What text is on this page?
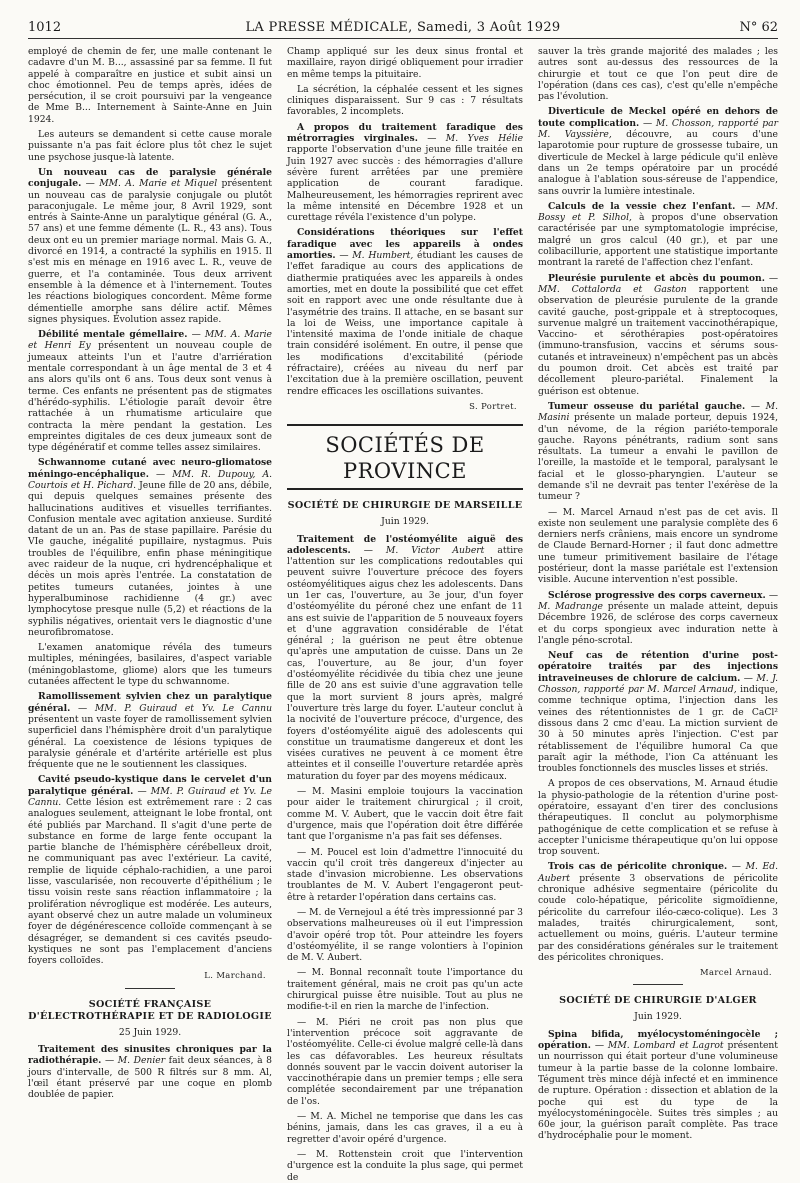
1012	LA PRESSE MÉDICALE, Samedi, 3 Août 1929	N° 62

employé de chemin de fer, une malle contenant le cadavre d'un M. B..., assassiné par sa femme. Il fut appelé à comparaître en justice et subit ainsi un choc émotionnel. Peu de temps après, idées de persécution, il se croit poursuivi par la vengeance de Mme B... Internement à Sainte-Anne en Juin 1924.

Les auteurs se demandent si cette cause morale puissante n'a pas fait éclore plus tôt chez le sujet une psychose jusque-là latente.

Un nouveau cas de paralysie générale conjugale. — MM. A. Marie et Miquel présentent un nouveau cas de paralysie conjugale ou plutôt paraconjugale. Le même jour, 8 Avril 1929, sont entrés à Sainte-Anne un paralytique général (G. A., 57 ans) et une femme démente (L. R., 43 ans). Tous deux ont eu un premier mariage normal. Mais G. A., divorcé en 1914, a contracté la syphilis en 1915. Il s'est mis en ménage en 1916 avec L. R., veuve de guerre, et l'a contaminée. Tous deux arrivent ensemble à la démence et à l'internement. Toutes les réactions biologiques concordent. Même forme démentielle amorphe sans délire actif. Mêmes signes physiques. Évolution assez rapide.

Débilité mentale gémellaire. — MM. A. Marie et Henri Ey présentent un nouveau couple de jumeaux atteints l'un et l'autre d'arriération mentale correspondant à un âge mental de 3 et 4 ans alors qu'ils ont 6 ans. Tous deux sont venus à terme. Ces enfants ne présentent pas de stigmates d'hérédo-syphilis. L'étiologie paraît devoir être rattachée à un rhumatisme articulaire que contracta la mère pendant la gestation. Les empreintes digitales de ces deux jumeaux sont de type dégénératif et comme telles assez similaires.

Schwannome cutané avec neuro-gliomatose méningo-encéphalique. — MM. R. Dupouy, A. Courtois et H. Pichard. Jeune fille de 20 ans, débile, qui depuis quelques semaines présente des hallucinations auditives et visuelles terrifiantes. Confusion mentale avec agitation anxieuse. Surdité datant de un an. Pas de stase papillaire. Parésie du VIe gauche, inégalité pupillaire, nystagmus. Puis troubles de l'équilibre, enfin phase méningitique avec raideur de la nuque, cri hydrencéphalique et décès un mois après l'entrée. La constatation de petites tumeurs cutanées, jointes à une hyperalbuminose rachidienne (4 gr.) avec lymphocytose presque nulle (5,2) et réactions de la syphilis négatives, orientait vers le diagnostic d'une neurofibromatose.

L'examen anatomique révéla des tumeurs multiples, méningées, basilaires, d'aspect variable (méningoblastome, gliome) alors que les tumeurs cutanées affectent le type du schwannome.

Ramollissement sylvien chez un paralytique général. — MM. P. Guiraud et Yv. Le Cannu présentent un vaste foyer de ramollissement sylvien superficiel dans l'hémisphère droit d'un paralytique général. La coexistence de lésions typiques de paralysie générale et d'artérite artérielle est plus fréquente que ne le soutiennent les classiques.

Cavité pseudo-kystique dans le cervelet d'un paralytique général. — MM. P. Guiraud et Yv. Le Cannu. Cette lésion est extrêmement rare : 2 cas analogues seulement, atteignant le lobe frontal, ont été publiés par Marchand. Il s'agit d'une perte de substance en forme de large fente occupant la partie blanche de l'hémisphère cérébelleux droit, ne communiquant pas avec l'extérieur. La cavité, remplie de liquide céphalo-rachidien, a une paroi lisse, vascularisée, non recouverte d'épithélium ; le tissu voisin reste sans réaction inflammatoire ; la prolifération névroglique est modérée. Les auteurs, ayant observé chez un autre malade un volumineux foyer de dégénérescence colloïde commençant à se désagréger, se demandent si ces cavités pseudo-kystiques ne sont pas l'emplacement d'anciens foyers colloïdes.

L. Marchand.
SOCIÉTÉ FRANÇAISE D'ÉLECTROTHÉRAPIE ET DE RADIOLOGIE
25 Juin 1929.

Traitement des sinusites chroniques par la radiothérapie. — M. Denier fait deux séances, à 8 jours d'intervalle, de 500 R filtrés sur 8 mm. Al, l'œil étant préservé par une coque en plomb doublée de papier.

Champ appliqué sur les deux sinus frontal et maxillaire, rayon dirigé obliquement pour irradier en même temps la pituitaire.

La sécrétion, la céphalée cessent et les signes cliniques disparaissent. Sur 9 cas : 7 résultats favorables, 2 incomplets.

A propos du traitement faradique des métrorragies virginales. — M. Yves Hélie rapporte l'observation d'une jeune fille traitée en Juin 1927 avec succès : des hémorragies d'allure sévère furent arrêtées par une première application de courant faradique. Malheureusement, les hémorragies reprirent avec la même intensité en Décembre 1928 et un curettage révéla l'existence d'un polype.

Considérations théoriques sur l'effet faradique avec les appareils à ondes amorties. — M. Humbert, étudiant les causes de l'effet faradique au cours des applications de diathermie pratiquées avec les appareils à ondes amorties, met en doute la possibilité que cet effet soit en rapport avec une onde résultante due à l'asymétrie des trains. Il attache, en se basant sur la loi de Weiss, une importance capitale à l'intensité maxima de l'onde initiale de chaque train considéré isolément. En outre, il pense que les modifications d'excitabilité (période réfractaire), créées au niveau du nerf par l'excitation due à la première oscillation, peuvent rendre efficaces les oscillations suivantes.

S. Portret.
SOCIÉTÉS DE PROVINCE
SOCIÉTÉ DE CHIRURGIE DE MARSEILLE
Juin 1929.

Traitement de l'ostéomyélite aiguë des adolescents. — M. Victor Aubert attire l'attention sur les complications redoutables qui peuvent suivre l'ouverture précoce des foyers ostéomyélitiques aigus chez les adolescents. Dans un 1er cas, l'ouverture, au 3e jour, d'un foyer d'ostéomyélite du péroné chez une enfant de 11 ans est suivie de l'apparition de 5 nouveaux foyers et d'une aggravation considérable de l'état général ; la guérison ne peut être obtenue qu'après une amputation de cuisse. Dans un 2e cas, l'ouverture, au 8e jour, d'un foyer d'ostéomyélite récidivée du tibia chez une jeune fille de 20 ans est suivie d'une aggravation telle que la mort survient 8 jours après, malgré l'ouverture très large du foyer. L'auteur conclut à la nocivité de l'ouverture précoce, d'urgence, des foyers d'ostéomyélite aiguë des adolescents qui constitue un traumatisme dangereux et dont les visées curatives ne peuvent à ce moment être atteintes et il conseille l'ouverture retardée après maturation du foyer par des moyens médicaux.

— M. Masini emploie toujours la vaccination pour aider le traitement chirurgical ; il croit, comme M. V. Aubert, que le vaccin doit être fait d'urgence, mais que l'opération doit être différée tant que l'organisme n'a pas fait ses défenses.

— M. Poucel est loin d'admettre l'innocuité du vaccin qu'il croit très dangereux d'injecter au stade d'invasion microbienne. Les observations troublantes de M. V. Aubert l'engageront peut-être à retarder l'opération dans certains cas.

— M. de Vernejoul a été très impressionné par 3 observations malheureuses où il eut l'impression d'avoir opéré trop tôt. Pour atteindre les foyers d'ostéomyélite, il se range volontiers à l'opinion de M. V. Aubert.

— M. Bonnal reconnaît toute l'importance du traitement général, mais ne croit pas qu'un acte chirurgical puisse être nuisible. Tout au plus ne modifie-t-il en rien la marche de l'infection.

— M. Piéri ne croit pas non plus que l'intervention précoce soit aggravante de l'ostéomyélite. Celle-ci évolue malgré celle-là dans les cas défavorables. Les heureux résultats donnés souvent par le vaccin doivent autoriser la vaccinothérapie dans un premier temps ; elle sera complétée secondairement par une trépanation de l'os.

— M. A. Michel ne temporise que dans les cas bénins, jamais, dans les cas graves, il a eu à regretter d'avoir opéré d'urgence.

— M. Rottenstein croit que l'intervention d'urgence est la conduite la plus sage, qui permet de

sauver la très grande majorité des malades ; les autres sont au-dessus des ressources de la chirurgie et tout ce que l'on peut dire de l'opération (dans ces cas), c'est qu'elle n'empêche pas l'évolution.

Diverticule de Meckel opéré en dehors de toute complication. — M. Chosson, rapporté par M. Vayssière, découvre, au cours d'une laparotomie pour rupture de grossesse tubaire, un diverticule de Meckel à large pédicule qu'il enlève dans un 2e temps opératoire par un procédé analogue à l'ablation sous-séreuse de l'appendice, sans ouvrir la lumière intestinale.

Calculs de la vessie chez l'enfant. — MM. Bossy et P. Silhol, à propos d'une observation caractérisée par une symptomatologie imprécise, malgré un gros calcul (40 gr.), et par une colibacillurie, apportent une statistique importante montrant la rareté de l'affection chez l'enfant.

Pleurésie purulente et abcès du poumon. — MM. Cottalorda et Gaston rapportent une observation de pleurésie purulente de la grande cavité gauche, post-grippale et à streptocoques, survenue malgré un traitement vaccinothérapique, Vaccino- et sérothérapies post-opératoires (immuno-transfusion, vaccins et sérums sous-cutanés et intraveineux) n'empêchent pas un abcès du poumon droit. Cet abcès est traité par décollement pleuro-pariétal. Finalement la guérison est obtenue.

Tumeur osseuse du pariétal gauche. — M. Masini présente un malade porteur, depuis 1924, d'un névome, de la région pariéto-temporale gauche. Rayons pénétrants, radium sont sans résultats. La tumeur a envahi le pavillon de l'oreille, la mastoïde et le temporal, paralysant le facial et le glosso-pharyngien. L'auteur se demande s'il ne devrait pas tenter l'exérèse de la tumeur ?

— M. Marcel Arnaud n'est pas de cet avis. Il existe non seulement une paralysie complète des 6 derniers nerfs crâniens, mais encore un syndrome de Claude Bernard-Horner ; il faut donc admettre une tumeur primitivement basilaire de l'étage postérieur, dont la masse pariétale est l'extension visible. Aucune intervention n'est possible.

Sclérose progressive des corps caverneux. — M. Madrange présente un malade atteint, depuis Décembre 1926, de sclérose des corps caverneux et du corps spongieux avec induration nette à l'angle péno-scrotal.

Neuf cas de rétention d'urine post-opératoire traités par des injections intraveineuses de chlorure de calcium. — M. J. Chosson, rapporté par M. Marcel Arnaud, indique, comme technique optima, l'injection dans les veines des rétentionnistes de 1 gr. de CaCl² dissous dans 2 cmc d'eau. La miction survient de 30 à 50 minutes après l'injection. C'est par rétablissement de l'équilibre humoral Ca que paraît agir la méthode, l'ion Ca atténuant les troubles fonctionnels des muscles lisses et striés.

A propos de ces observations, M. Arnaud étudie la physio-pathologie de la rétention d'urine post-opératoire, essayant d'en tirer des conclusions thérapeutiques. Il conclut au polymorphisme pathogénique de cette complication et se refuse à accepter l'unicisme thérapeutique qu'on lui oppose trop souvent.

Trois cas de péricolite chronique. — M. Ed. Aubert présente 3 observations de péricolite chronique adhésive segmentaire (péricolite du coude colo-hépatique, péricolite sigmoïdienne, péricolite du carrefour iléo-cæco-colique). Les 3 malades, traités chirurgicalement, sont, actuellement ou moins, guéris. L'auteur termine par des considérations générales sur le traitement des péricolites chroniques.

Marcel Arnaud.
SOCIÉTÉ DE CHIRURGIE D'ALGER
Juin 1929.

Spina bifida, myélocystoméningocèle ; opération. — MM. Lombard et Lagrot présentent un nourrisson qui était porteur d'une volumineuse tumeur à la partie basse de la colonne lombaire. Tégument très mince déjà infecté et en imminence de rupture. Opération : dissection et ablation de la poche qui est du type de la myélocystoméningocèle. Suites très simples ; au 60e jour, la guérison paraît complète. Pas trace d'hydrocéphalie pour le moment.
